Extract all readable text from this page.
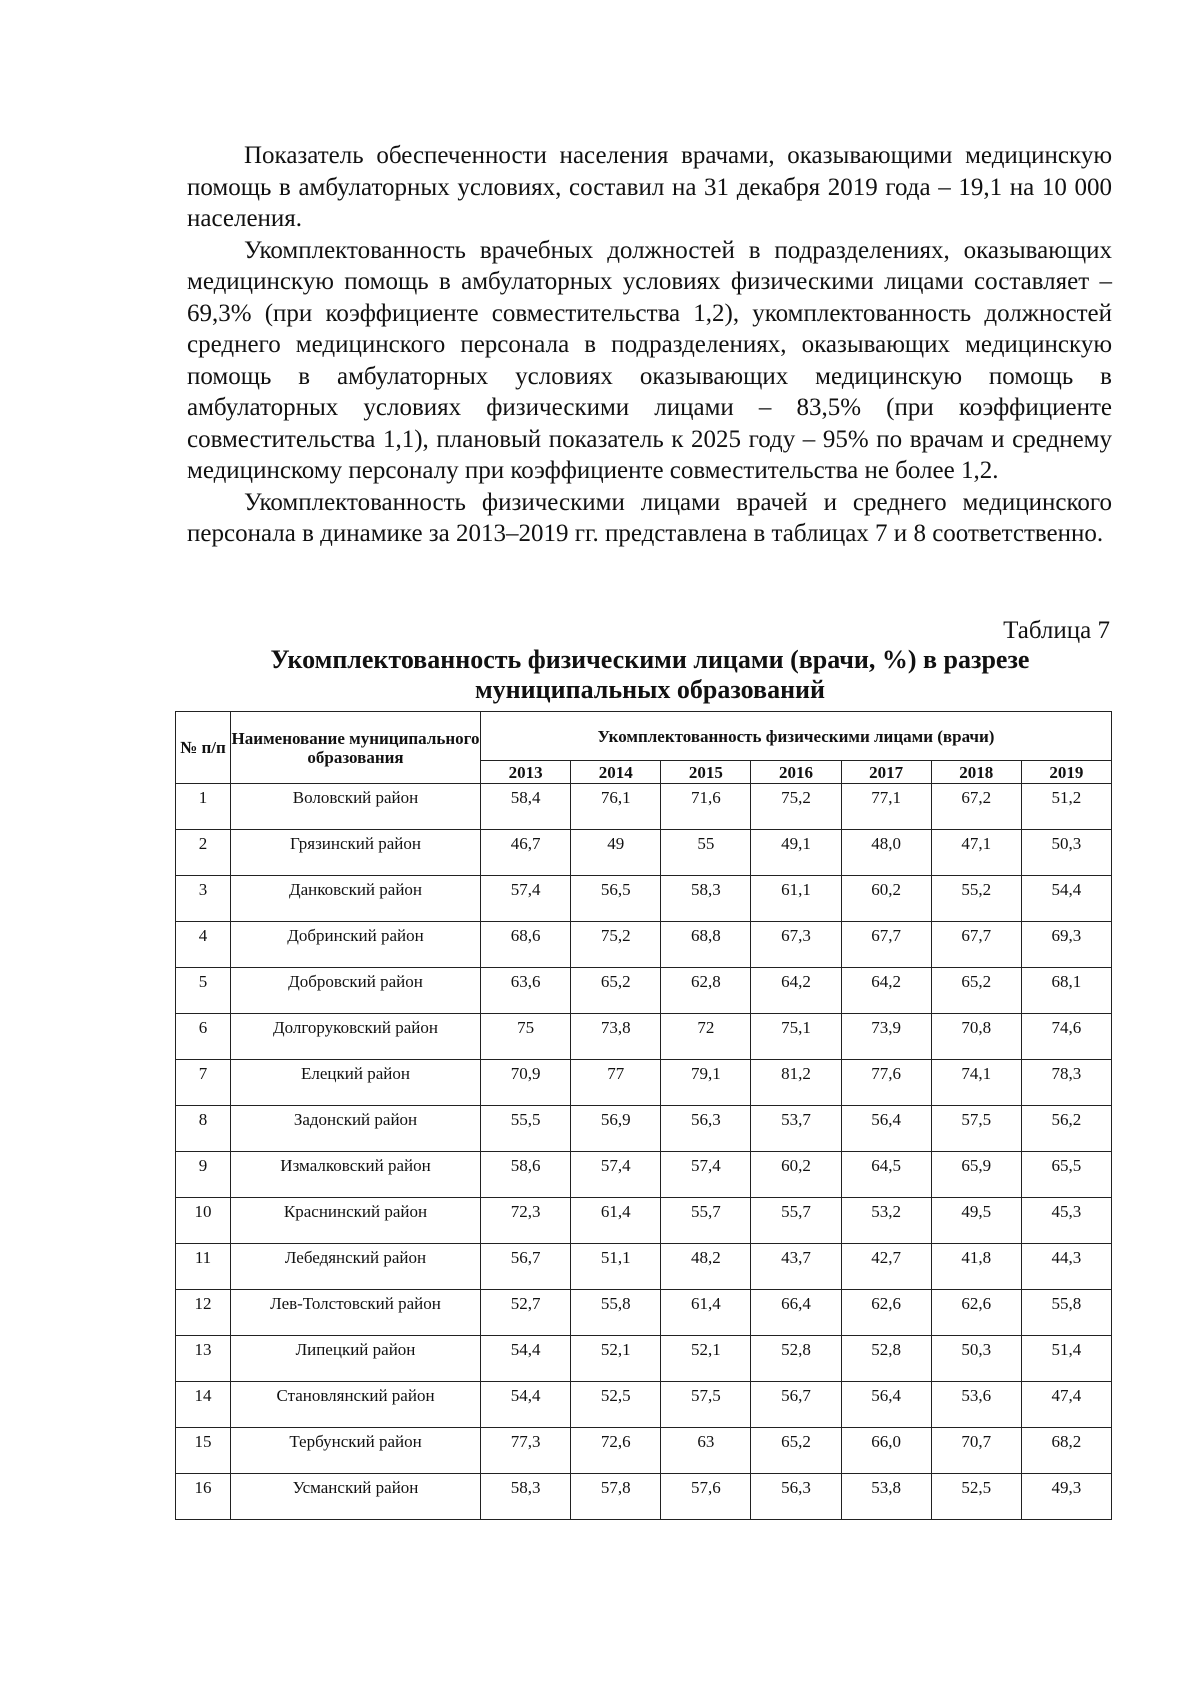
Показатель обеспеченности населения врачами, оказывающими медицинскую помощь в амбулаторных условиях, составил на 31 декабря 2019 года – 19,1 на 10 000 населения.

Укомплектованность врачебных должностей в подразделениях, оказывающих медицинскую помощь в амбулаторных условиях физическими лицами составляет – 69,3% (при коэффициенте совместительства 1,2), укомплектованность должностей среднего медицинского персонала в подразделениях, оказывающих медицинскую помощь в амбулаторных условиях оказывающих медицинскую помощь в амбулаторных условиях физическими лицами – 83,5% (при коэффициенте совместительства 1,1), плановый показатель к 2025 году – 95% по врачам и среднему медицинскому персоналу при коэффициенте совместительства не более 1,2.

Укомплектованность физическими лицами врачей и среднего медицинского персонала в динамике за 2013–2019 гг. представлена в таблицах 7 и 8 соответственно.

Таблица 7
Укомплектованность физическими лицами (врачи, %) в разрезе муниципальных образований
№ п/п	Наименование муниципального образования	Укомплектованность физическими лицами (врачи)						
		2013	2014	2015	2016	2017	2018	2019
1	Воловский район	58,4	76,1	71,6	75,2	77,1	67,2	51,2
2	Грязинский район	46,7	49	55	49,1	48,0	47,1	50,3
3	Данковский район	57,4	56,5	58,3	61,1	60,2	55,2	54,4
4	Добринский район	68,6	75,2	68,8	67,3	67,7	67,7	69,3
5	Добровский район	63,6	65,2	62,8	64,2	64,2	65,2	68,1
6	Долгоруковский район	75	73,8	72	75,1	73,9	70,8	74,6
7	Елецкий район	70,9	77	79,1	81,2	77,6	74,1	78,3
8	Задонский район	55,5	56,9	56,3	53,7	56,4	57,5	56,2
9	Измалковский район	58,6	57,4	57,4	60,2	64,5	65,9	65,5
10	Краснинский район	72,3	61,4	55,7	55,7	53,2	49,5	45,3
11	Лебедянский район	56,7	51,1	48,2	43,7	42,7	41,8	44,3
12	Лев-Толстовский район	52,7	55,8	61,4	66,4	62,6	62,6	55,8
13	Липецкий район	54,4	52,1	52,1	52,8	52,8	50,3	51,4
14	Становлянский район	54,4	52,5	57,5	56,7	56,4	53,6	47,4
15	Тербунский район	77,3	72,6	63	65,2	66,0	70,7	68,2
16	Усманский район	58,3	57,8	57,6	56,3	53,8	52,5	49,3
